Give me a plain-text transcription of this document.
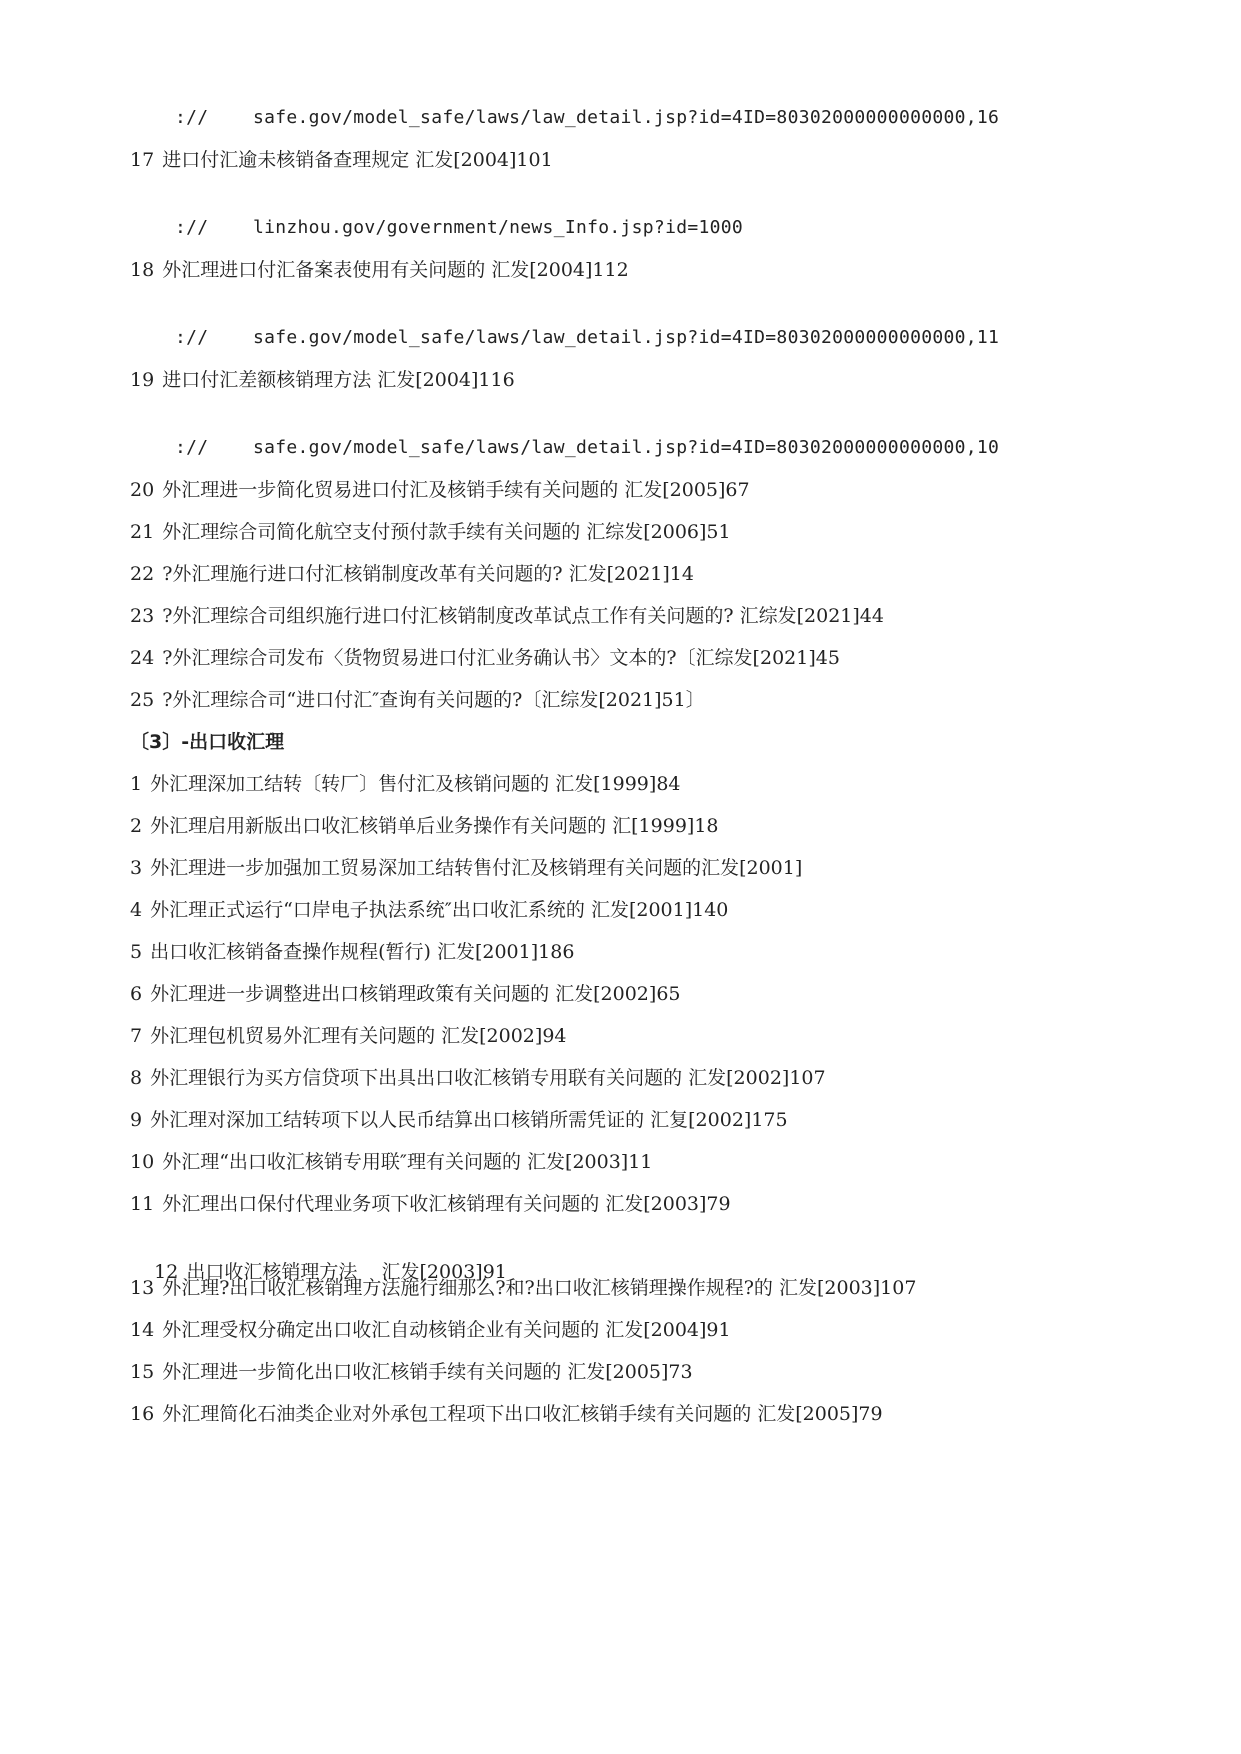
:// safe.gov/model_safe/laws/law_detail.jsp?id=4ID=80302000000000000,16
17 进口付汇逾未核销备查理规定 汇发[2004]101
:// linzhou.gov/government/news_Info.jsp?id=1000
18 外汇理进口付汇备案表使用有关问题的 汇发[2004]112
:// safe.gov/model_safe/laws/law_detail.jsp?id=4ID=80302000000000000,11
19 进口付汇差额核销理方法 汇发[2004]116
:// safe.gov/model_safe/laws/law_detail.jsp?id=4ID=80302000000000000,10
20 外汇理进一步简化贸易进口付汇及核销手续有关问题的 汇发[2005]67
21 外汇理综合司简化航空支付预付款手续有关问题的 汇综发[2006]51
22 ?外汇理施行进口付汇核销制度改革有关问题的? 汇发[2021]14
23 ?外汇理综合司组织施行进口付汇核销制度改革试点工作有关问题的? 汇综发[2021]44
24 ?外汇理综合司发布〈货物贸易进口付汇业务确认书〉文本的?〔汇综发[2021]45
25 ?外汇理综合司“进口付汇″查询有关问题的?〔汇综发[2021]51〕
〔3〕-出口收汇理
1 外汇理深加工结转〔转厂〕售付汇及核销问题的 汇发[1999]84
2 外汇理启用新版出口收汇核销单后业务操作有关问题的 汇[1999]18
3 外汇理进一步加强加工贸易深加工结转售付汇及核销理有关问题的汇发[2001]
4 外汇理正式运行“口岸电子执法系统″出口收汇系统的 汇发[2001]140
5 出口收汇核销备查操作规程(暂行) 汇发[2001]186
6 外汇理进一步调整进出口核销理政策有关问题的 汇发[2002]65
7 外汇理包机贸易外汇理有关问题的 汇发[2002]94
8 外汇理银行为买方信贷项下出具出口收汇核销专用联有关问题的 汇发[2002]107
9 外汇理对深加工结转项下以人民币结算出口核销所需凭证的 汇复[2002]175
10 外汇理“出口收汇核销专用联″理有关问题的 汇发[2003]11
11 外汇理出口保付代理业务项下收汇核销理有关问题的 汇发[2003]79

12 出口收汇核销理方法    汇发[2003]91

13 外汇理?出口收汇核销理方法施行细那么?和?出口收汇核销理操作规程?的 汇发[2003]107
14 外汇理受权分确定出口收汇自动核销企业有关问题的 汇发[2004]91
15 外汇理进一步简化出口收汇核销手续有关问题的 汇发[2005]73
16 外汇理简化石油类企业对外承包工程项下出口收汇核销手续有关问题的 汇发[2005]79
